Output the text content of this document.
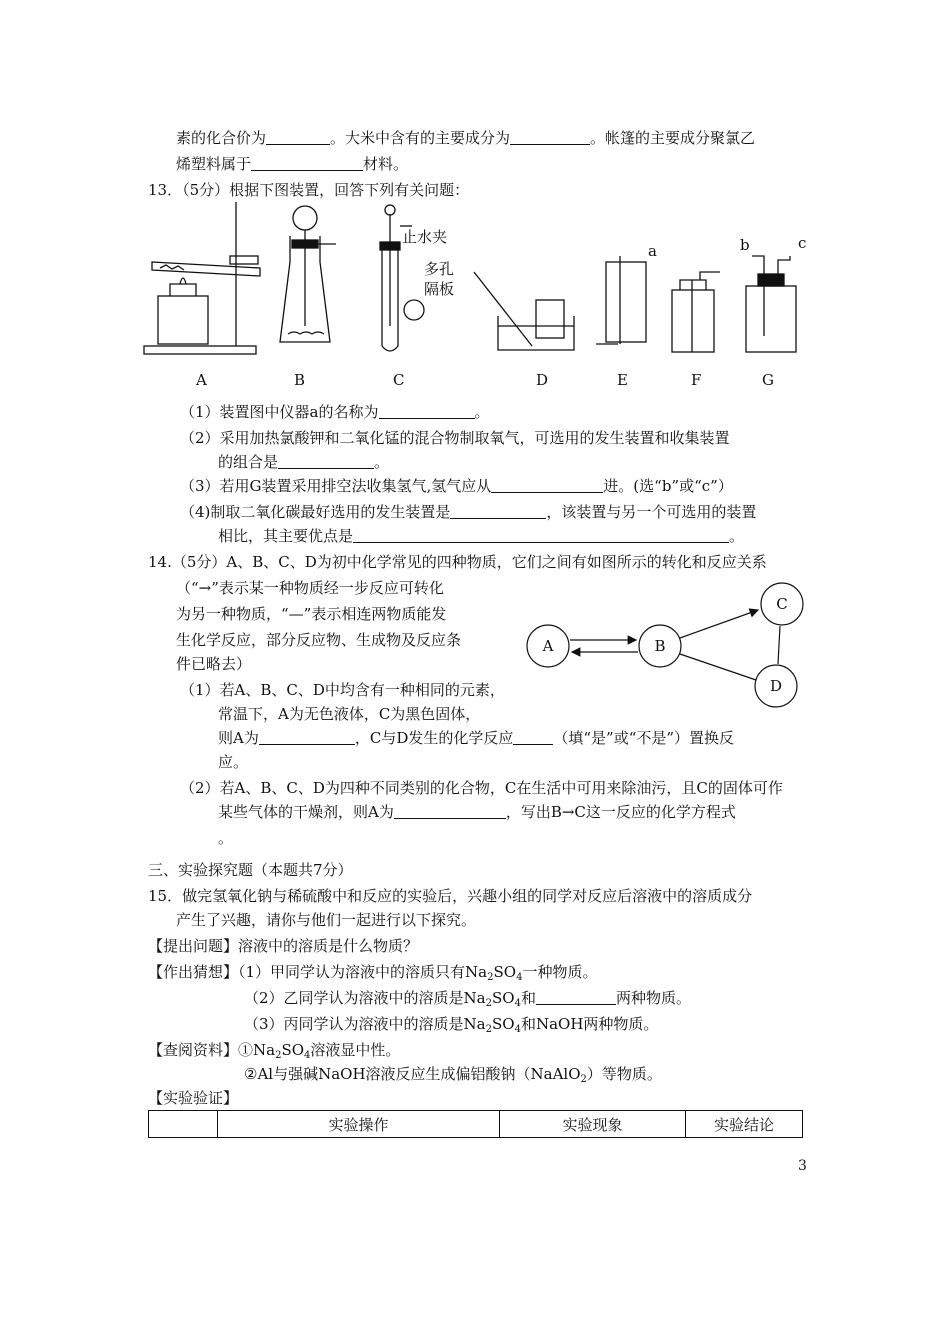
素的化合价为	。大米中含有的主要成分为	。帐篷的主要成分聚氯乙
烯塑料属于	材料。
13．（5分）根据下图装置，回答下列有关问题：
止水夹
多孔
隔板
a	b	c
A	B	C	D	E	F	G
（1）装置图中仪器a的名称为	。
（2）采用加热氯酸钾和二氧化锰的混合物制取氧气，可选用的发生装置和收集装置
的组合是	。
（3）若用G装置采用排空法收集氢气,氢气应从	进。(选“b”或“c”）
（4)制取二氧化碳最好选用的发生装置是	，该装置与另一个可选用的装置
相比，其主要优点是	。
14.（5分）A、B、C、D为初中化学常见的四种物质，它们之间有如图所示的转化和反应关系
（“→”表示某一种物质经一步反应可转化
为另一种物质，“—”表示相连两物质能发
生化学反应，部分反应物、生成物及反应条
件已略去）
A	B
C
D
（1）若A、B、C、D中均含有一种相同的元素，
常温下，A为无色液体，C为黑色固体，
则A为	，C与D发生的化学反应	（填“是”或“不是”）置换反
应。
（2）若A、B、C、D为四种不同类别的化合物，C在生活中可用来除油污，且C的固体可作
某些气体的干燥剂，则A为	，写出B→C这一反应的化学方程式
。
三、实验探究题（本题共7分）
15．做完氢氧化钠与稀硫酸中和反应的实验后，兴趣小组的同学对反应后溶液中的溶质成分
产生了兴趣，请你与他们一起进行以下探究。
【提出问题】溶液中的溶质是什么物质？
【作出猜想】（1）甲同学认为溶液中的溶质只有$Na_2SO_4$一种物质。
（2）乙同学认为溶液中的溶质是$Na_2SO_4$和	两种物质。
（3）丙同学认为溶液中的溶质是$Na_2SO_4$和NaOH两种物质。
【查阅资料】$①Na_2SO_4$溶液显中性。
②Al与强碱NaOH溶液反应生成偏铝酸钠（NaAlO$_2$）等物质。
【实验验证】
	实验操作	实验现象	实验结论
3
